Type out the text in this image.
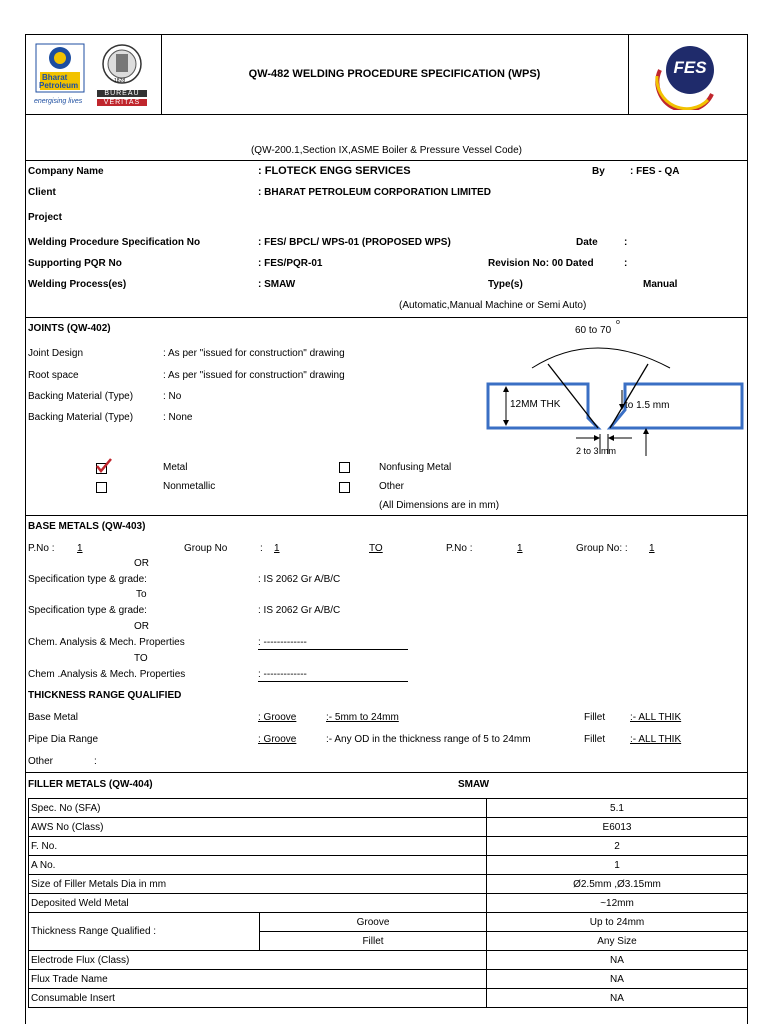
Bharat
Petroleum
energising lives
1828
BUREAU
VERITAS
QW-482 WELDING PROCEDURE SPECIFICATION (WPS)	FES
(QW-200.1,Section IX,ASME Boiler & Pressure Vessel Code)
Company Name	: FLOTECK ENGG SERVICES	By	: FES - QA
Client	: BHARAT PETROLEUM CORPORATION LIMITED
Project
Welding Procedure Specification No	: FES/ BPCL/ WPS-01 (PROPOSED WPS)	Date	:
Supporting PQR No	: FES/PQR-01	Revision No: 00 Dated	:
Welding Process(es)	: SMAW	Type(s)	Manual
(Automatic,Manual Machine or Semi Auto)
JOINTS (QW-402)
Joint Design	: As per "issued for construction" drawing
Root space	: As per "issued for construction" drawing
Backing Material (Type)	: No
Backing Material (Type)	: None
60 to 70
o
12MM THK	to 1.5 mm
2 to 3 mm
Metal
Nonmetallic
Nonfusing Metal
Other
(All Dimensions are in mm)
BASE METALS (QW-403)
P.No : 1	Group No	: 1	TO	P.No :	1	Group No: : 1
OR
Specification type & grade:	: IS 2062 Gr A/B/C
To
Specification type & grade:	: IS 2062 Gr A/B/C
OR
Chem. Analysis & Mech. Properties	: -------------
TO
Chem .Analysis & Mech. Properties	: -------------
THICKNESS RANGE QUALIFIED
Base Metal	: Groove	:- 5mm to 24mm	Fillet :- ALL THIK
Pipe Dia Range	: Groove	:- Any OD in the thickness range of 5 to 24mm	Fillet :- ALL THIK
Other	:
FILLER METALS (QW-404)	SMAW
Spec. No (SFA)		5.1
AWS No (Class)		E6013
F. No.		2
A No.		1
Size of Filler Metals Dia in mm		Ø2.5mm ,Ø3.15mm
Deposited Weld Metal		~12mm
Thickness Range Qualified :	Groove	Up to 24mm
	Fillet	Any Size
Electrode Flux (Class)		NA
Flux Trade Name		NA
Consumable Insert		NA
